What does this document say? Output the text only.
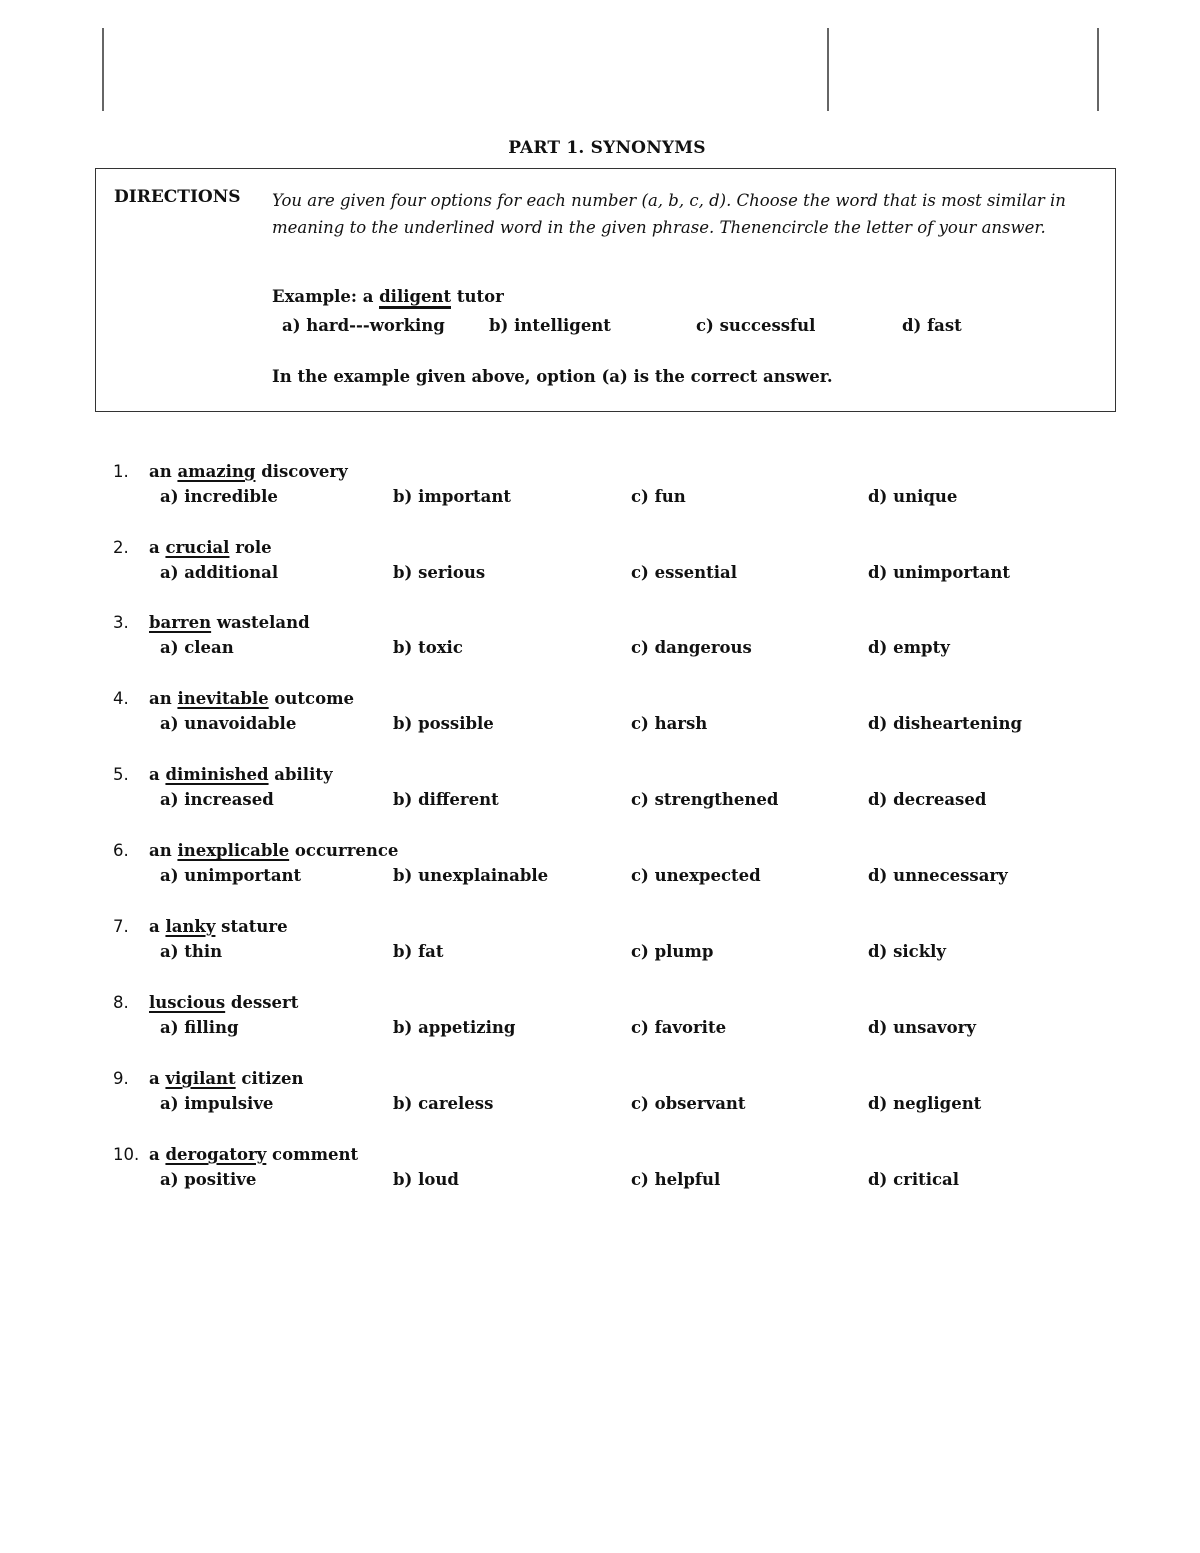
PART 1. SYNONYMS
DIRECTIONS You are given four options for each number (a, b, c, d). Choose the word that is most similar in meaning to the underlined word in the given phrase. Thenencircle the letter of your answer.
Example: a diligent tutor
a) hard---working	b) intelligent	c) successful	d) fast
In the example given above, option (a) is the correct answer.
1. an amazing discovery
a) incredible	b) important	c) fun	d) unique
2. a crucial role
a) additional	b) serious	c) essential	d) unimportant
3. barren wasteland
a) clean	b) toxic	c) dangerous	d) empty
4. an inevitable outcome
a) unavoidable	b) possible	c) harsh	d) disheartening
5. a diminished ability
a) increased	b) different	c) strengthened	d) decreased
6. an inexplicable occurrence
a) unimportant	b) unexplainable	c) unexpected	d) unnecessary
7. a lanky stature
a) thin	b) fat	c) plump	d) sickly
8. luscious dessert
a) filling	b) appetizing	c) favorite	d) unsavory
9. a vigilant citizen
a) impulsive	b) careless	c) observant	d) negligent
10. a derogatory comment
a) positive	b) loud	c) helpful	d) critical
